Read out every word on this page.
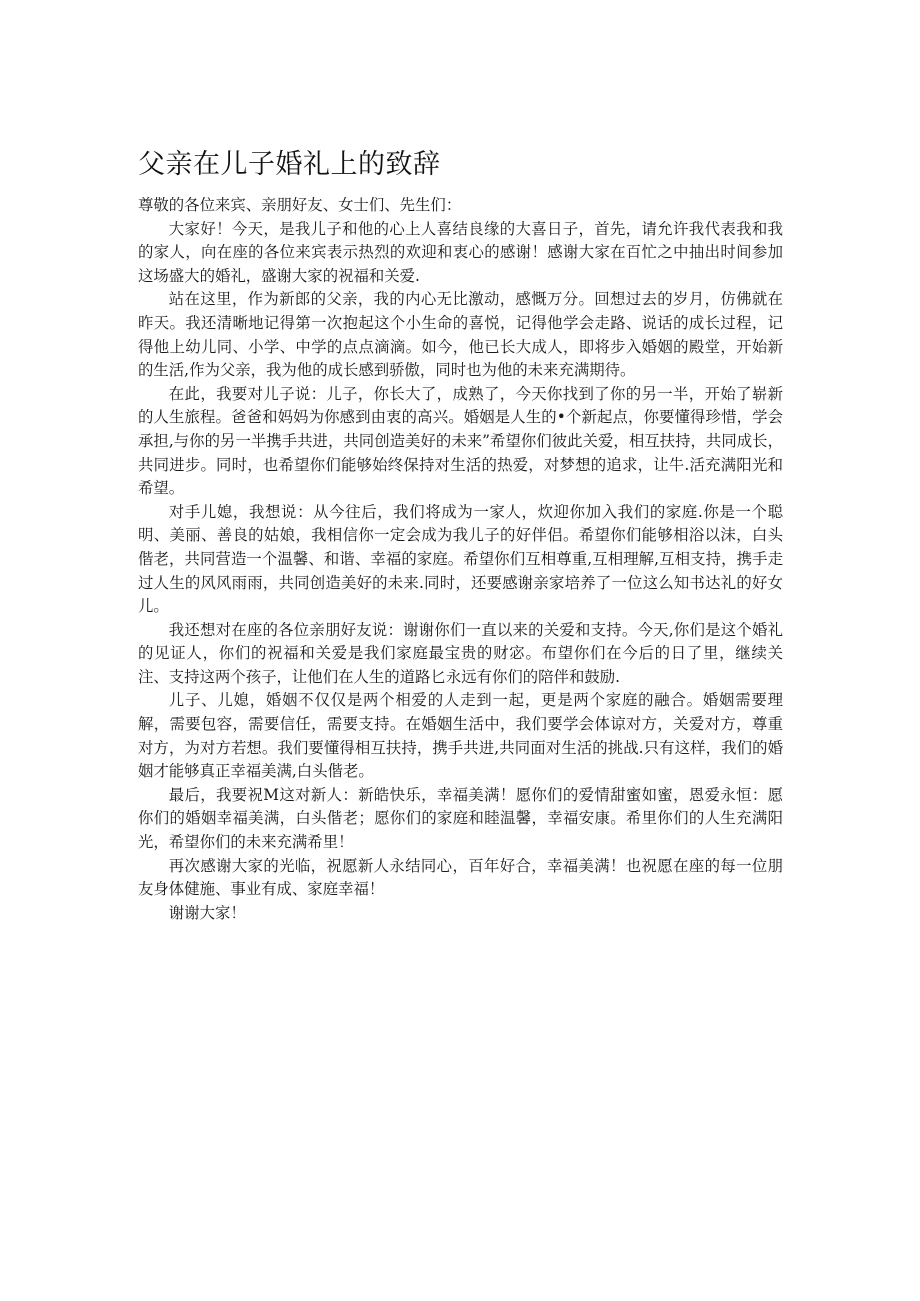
父亲在儿子婚礼上的致辞

尊敬的各位来宾、亲朋好友、女士们、先生们：

大家好！今天，是我儿子和他的心上人喜结良缘的大喜日子，首先，请允许我代表我和我的家人，向在座的各位来宾表示热烈的欢迎和衷心的感谢！感谢大家在百忙之中抽出时间参加这场盛大的婚礼，盛谢大家的祝福和关爱.

站在这里，作为新郎的父亲，我的内心无比激动，感慨万分。回想过去的岁月，仿佛就在昨天。我还清晰地记得第一次抱起这个小生命的喜悦，记得他学会走路、说话的成长过程，记得他上幼儿同、小学、中学的点点滴滴。如今，他已长大成人，即将步入婚姻的殿堂，开始新的生活,作为父亲，我为他的成长感到骄傲，同时也为他的未来充满期待。

在此，我要对儿子说：儿子，你长大了，成熟了，今天你找到了你的另一半，开始了崭新的人生旅程。爸爸和妈妈为你感到由衷的高兴。婚姻是人生的•个新起点，你要懂得珍惜，学会承担,与你的另一半携手共进，共同创造美好的未来”希望你们彼此关爱，相互扶持，共同成长，共同进步。同时，也希望你们能够始终保持对生活的热爱，对梦想的追求，让牛.活充满阳光和希望。

对手儿媳，我想说：从今往后，我们将成为一家人，炊迎你加入我们的家庭.你是一个聪明、美丽、善良的姑娘，我相信你一定会成为我儿子的好伴侣。希望你们能够相浴以沫，白头偕老，共同营造一个温馨、和谐、幸福的家庭。希望你们互相尊重,互相理解,互相支持，携手走过人生的风风雨雨，共同创造美好的未来.同时，还要感谢亲家培养了一位这么知书达礼的好女儿。

我还想对在座的各位亲朋好友说：谢谢你们一直以来的关爱和支持。今天,你们是这个婚礼的见证人，你们的祝福和关爱是我们家庭最宝贵的财宓。布望你们在今后的日了里，继续关注、支持这两个孩子，让他们在人生的道路匕永远有你们的陪伴和鼓励.

儿子、儿媳，婚姻不仅仅是两个相爱的人走到一起，更是两个家庭的融合。婚姻需要理解，需要包容，需要信任，需要支持。在婚姻生活中，我们要学会体谅对方，关爱对方，尊重对方，为对方若想。我们要懂得相互扶持，携手共进,共同面对生活的挑战.只有这样，我们的婚姻才能够真正幸福美满,白头偕老。

最后，我要祝M这对新人：新皓快乐，幸福美满！愿你们的爱情甜蜜如蜜，恩爱永恒：愿你们的婚姻幸福美满，白头偕老；愿你们的家庭和睦温馨，幸福安康。希里你们的人生充满阳光，希望你们的未来充满希里！

再次感谢大家的光临，祝愿新人永结同心，百年好合，幸福美满！也祝愿在座的每一位朋友身体健施、事业有成、家庭幸福！

谢谢大家！
